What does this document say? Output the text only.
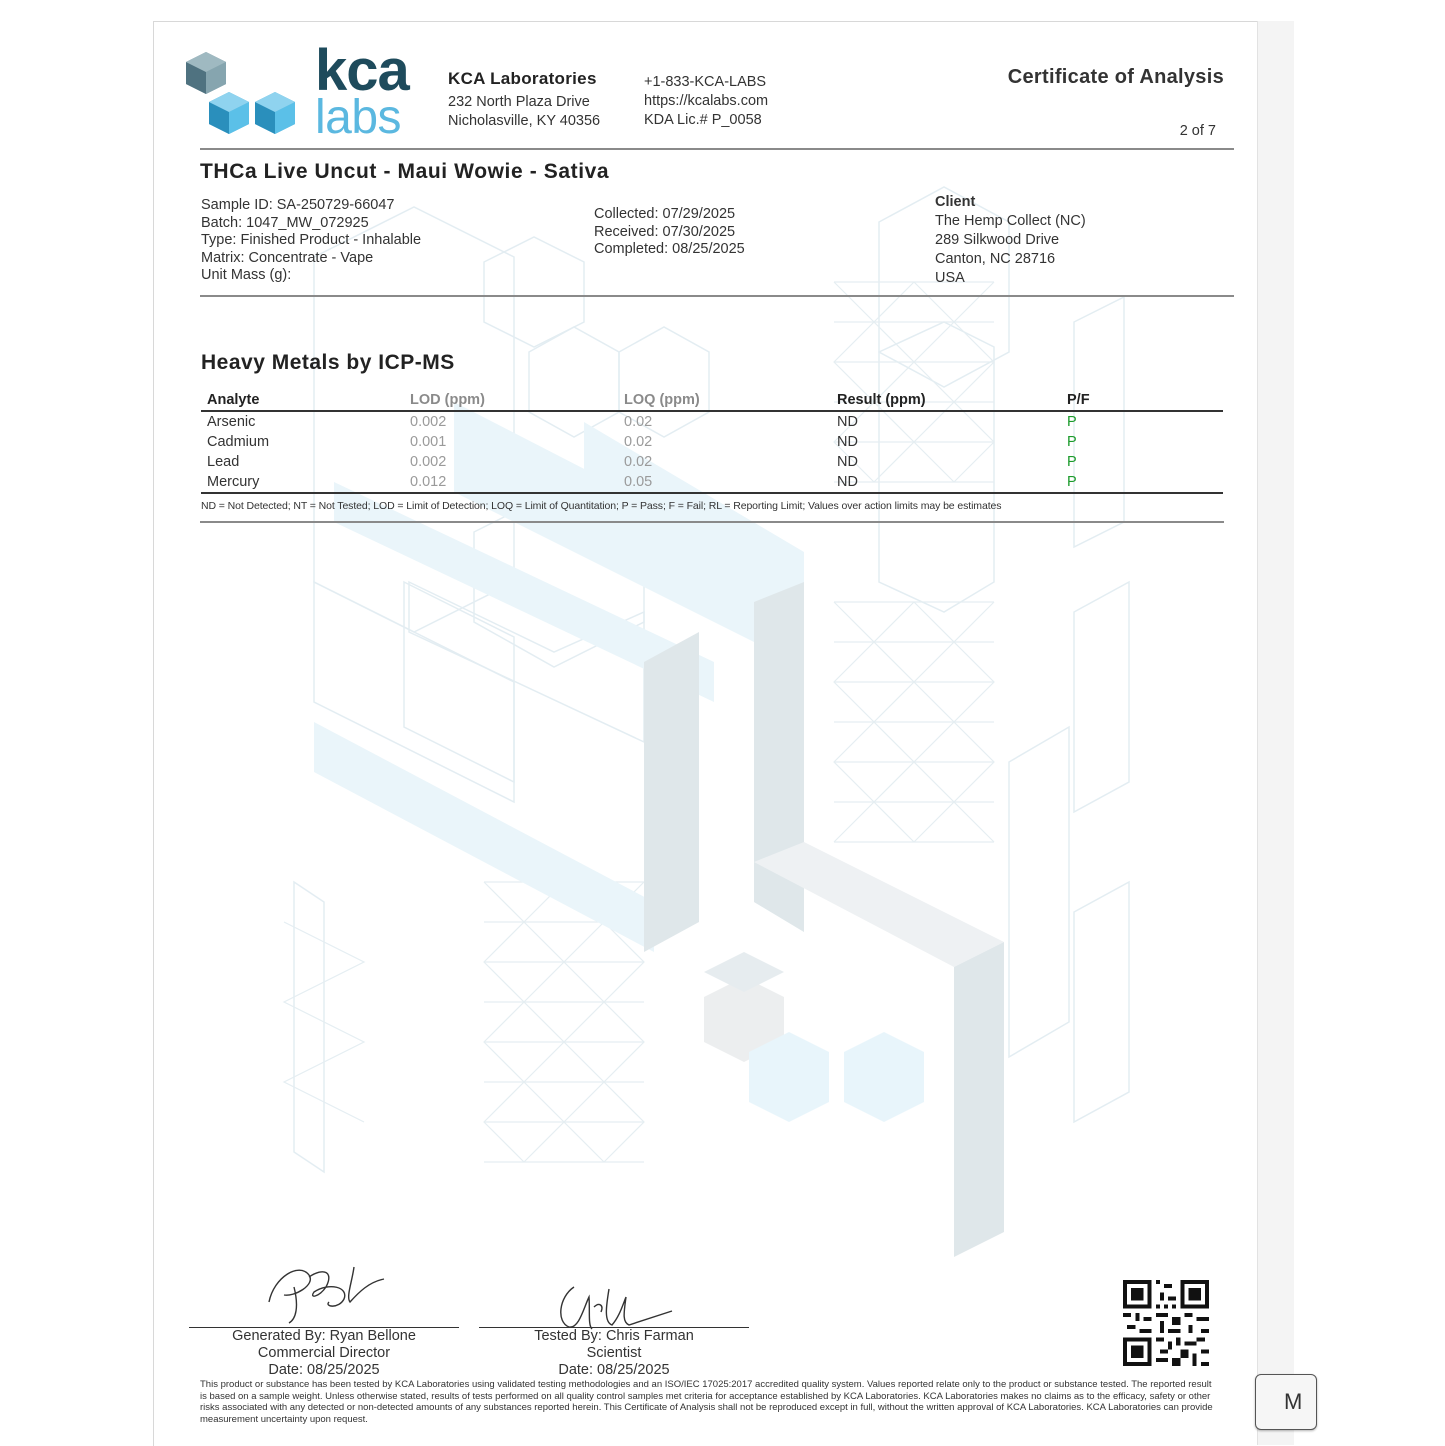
kca
labs
KCA Laboratories
232 North Plaza Drive
Nicholasville, KY 40356
+1-833-KCA-LABS
https://kcalabs.com
KDA Lic.# P_0058
Certificate of Analysis
2 of 7
THCa Live Uncut - Maui Wowie - Sativa
Sample ID: SA-250729-66047
Batch: 1047_MW_072925
Type: Finished Product - Inhalable
Matrix: Concentrate - Vape
Unit Mass (g):
Collected: 07/29/2025
Received: 07/30/2025
Completed: 08/25/2025
Client
The Hemp Collect (NC)
289 Silkwood Drive
Canton, NC 28716
USA
Heavy Metals by ICP-MS
Analyte	LOD (ppm)	LOQ (ppm)	Result (ppm)	P/F
Arsenic	0.002	0.02	ND	P
Cadmium	0.001	0.02	ND	P
Lead	0.002	0.02	ND	P
Mercury	0.012	0.05	ND	P
ND = Not Detected; NT = Not Tested; LOD = Limit of Detection; LOQ = Limit of Quantitation; P = Pass; F = Fail; RL = Reporting Limit; Values over action limits may be estimates
Generated By: Ryan Bellone
Commercial Director
Date: 08/25/2025
Tested By: Chris Farman
Scientist
Date: 08/25/2025
This product or substance has been tested by KCA Laboratories using validated testing methodologies and an ISO/IEC 17025:2017 accredited quality system. Values reported relate only to the product or substance tested. The reported result is based on a sample weight. Unless otherwise stated, results of tests performed on all quality control samples met criteria for acceptance established by KCA Laboratories. KCA Laboratories makes no claims as to the efficacy, safety or other risks associated with any detected or non-detected amounts of any substances reported herein. This Certificate of Analysis shall not be reproduced except in full, without the written approval of KCA Laboratories. KCA Laboratories can provide measurement uncertainty upon request.
M
